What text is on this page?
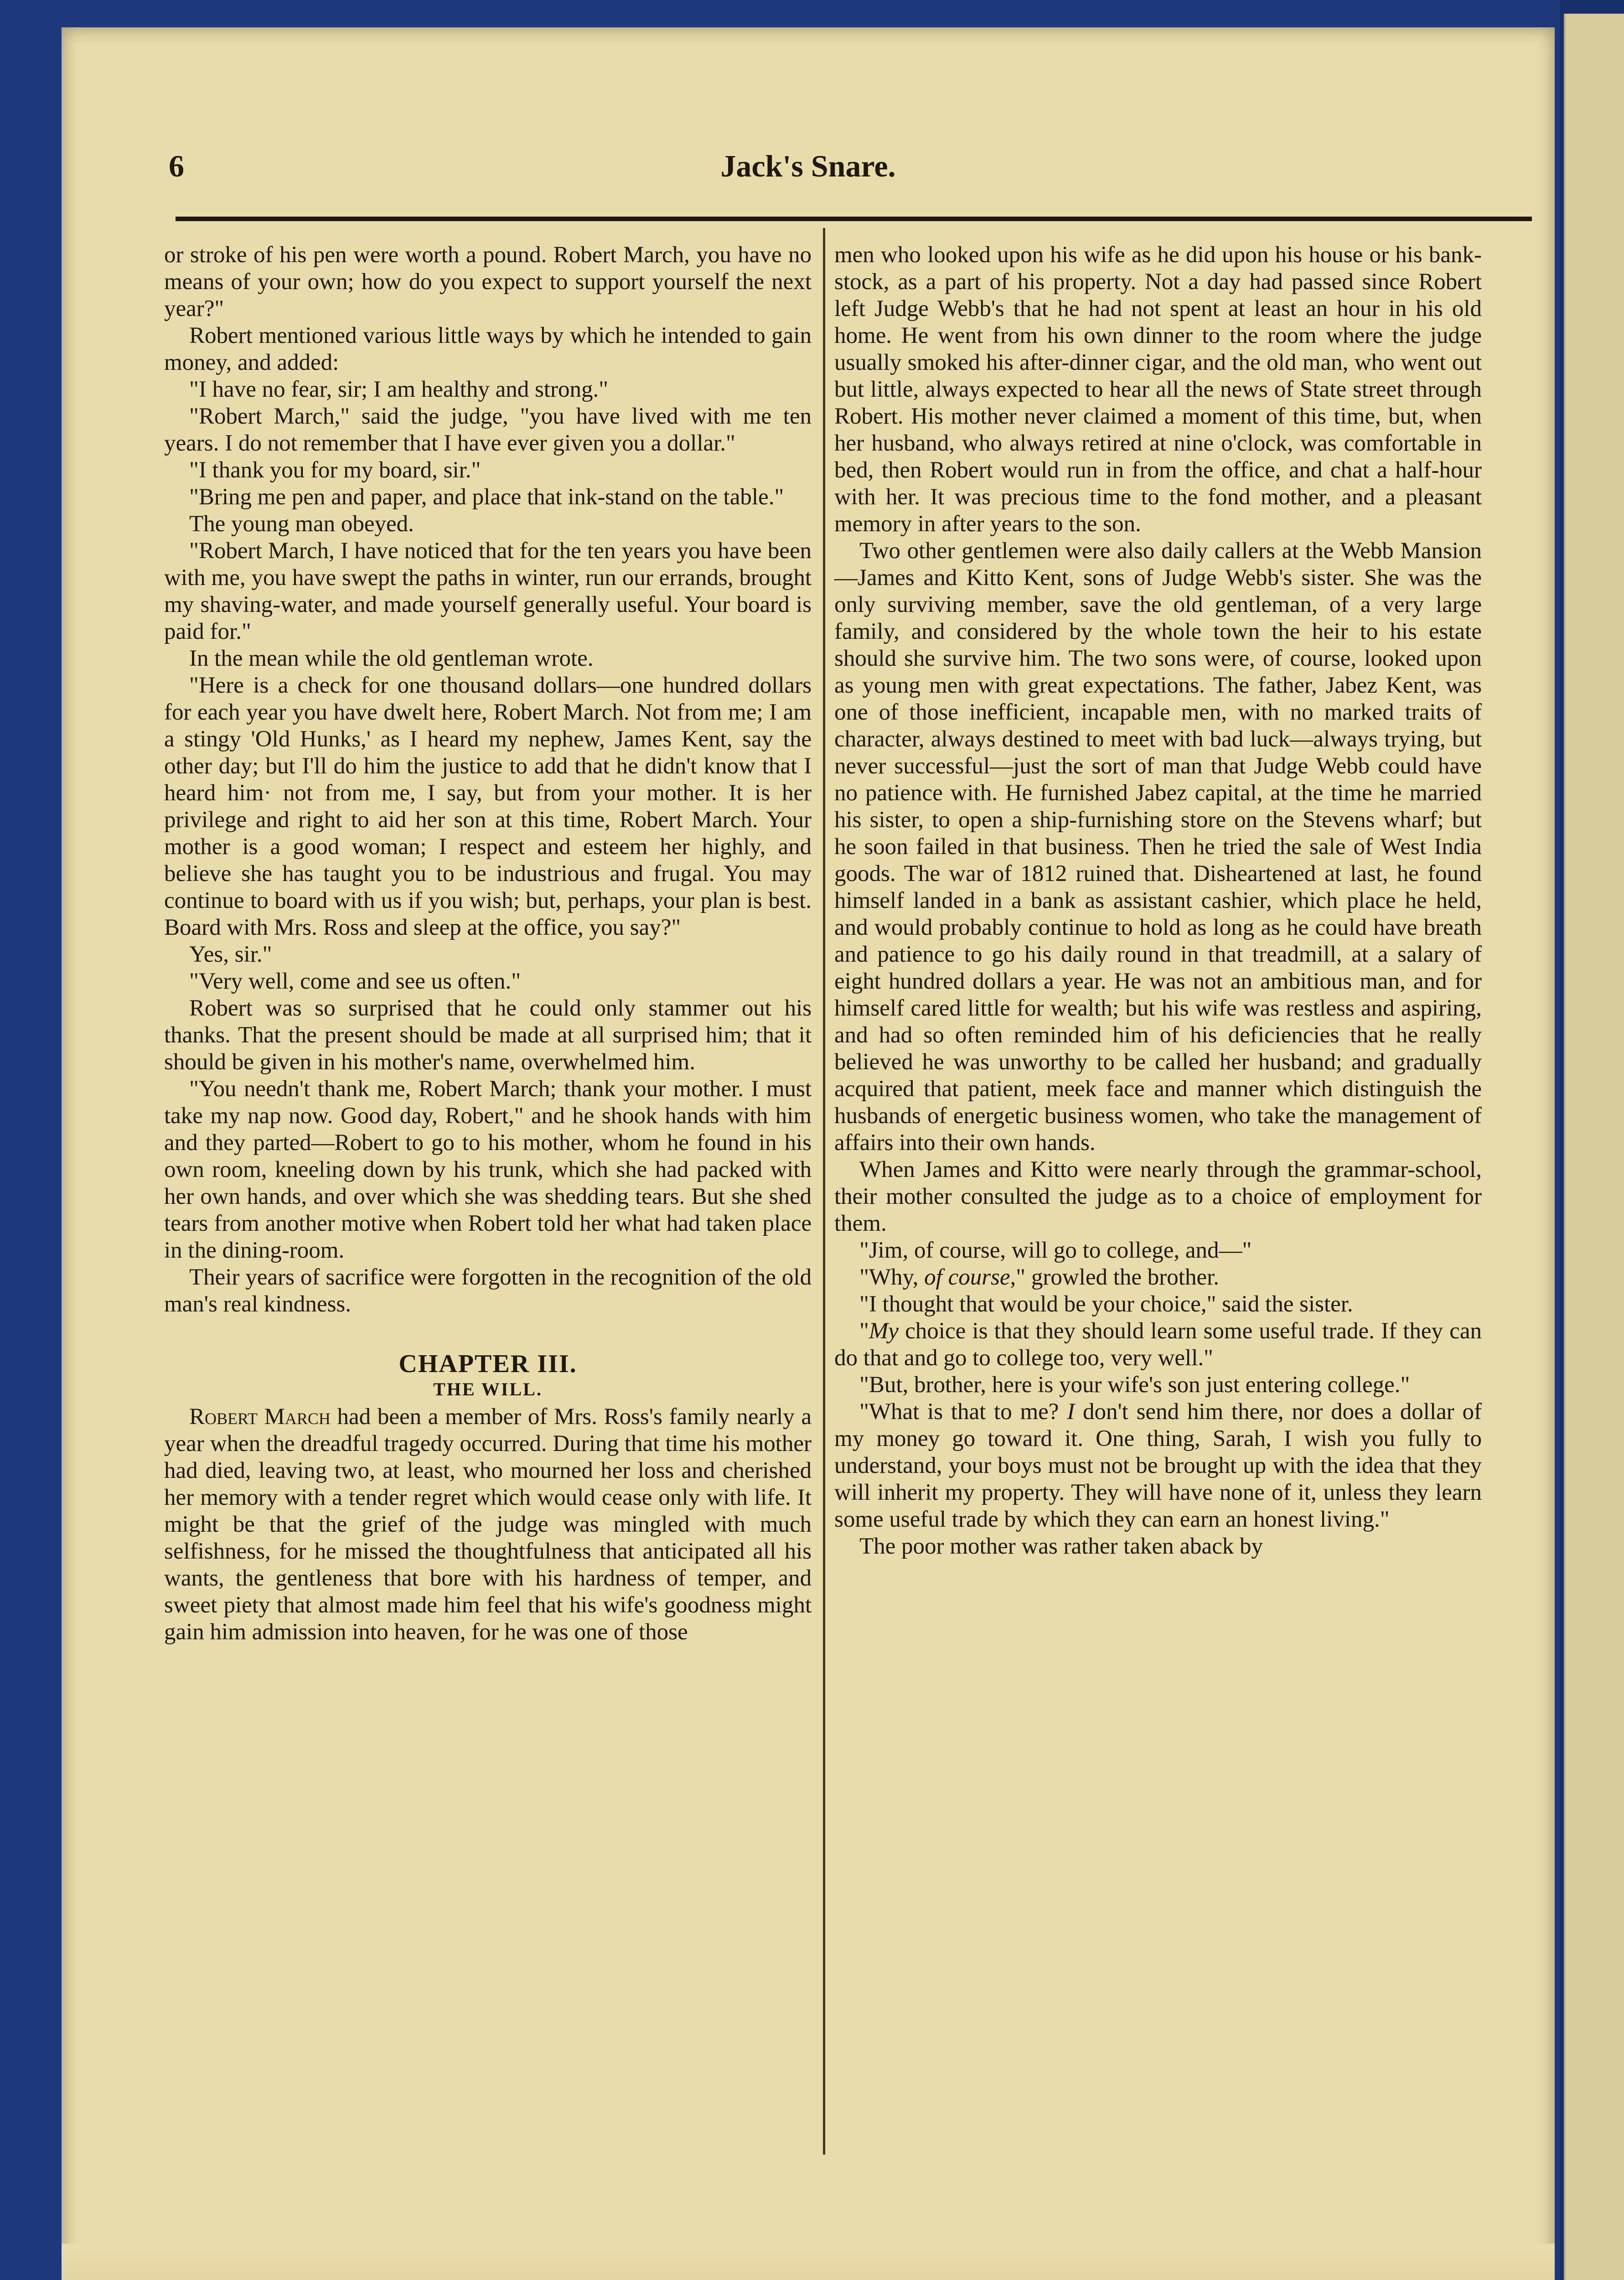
6	Jack's Snare.

or stroke of his pen were worth a pound. Robert March, you have no means of your own; how do you expect to support yourself the next year?"

Robert mentioned various little ways by which he intended to gain money, and added:

"I have no fear, sir; I am healthy and strong."

"Robert March," said the judge, "you have lived with me ten years. I do not remember that I have ever given you a dollar."

"I thank you for my board, sir."

"Bring me pen and paper, and place that ink-stand on the table."

The young man obeyed.

"Robert March, I have noticed that for the ten years you have been with me, you have swept the paths in winter, run our errands, brought my shaving-water, and made yourself generally useful. Your board is paid for."

In the mean while the old gentleman wrote.

"Here is a check for one thousand dollars—one hundred dollars for each year you have dwelt here, Robert March. Not from me; I am a stingy 'Old Hunks,' as I heard my nephew, James Kent, say the other day; but I'll do him the justice to add that he didn't know that I heard him· not from me, I say, but from your mother. It is her privilege and right to aid her son at this time, Robert March. Your mother is a good woman; I respect and esteem her highly, and believe she has taught you to be industrious and frugal. You may continue to board with us if you wish; but, perhaps, your plan is best. Board with Mrs. Ross and sleep at the office, you say?"

Yes, sir."

"Very well, come and see us often."

Robert was so surprised that he could only stammer out his thanks. That the present should be made at all surprised him; that it should be given in his mother's name, overwhelmed him.

"You needn't thank me, Robert March; thank your mother. I must take my nap now. Good day, Robert," and he shook hands with him and they parted—Robert to go to his mother, whom he found in his own room, kneeling down by his trunk, which she had packed with her own hands, and over which she was shedding tears. But she shed tears from another motive when Robert told her what had taken place in the dining-room.

Their years of sacrifice were forgotten in the recognition of the old man's real kindness.

CHAPTER III.
THE WILL.

Robert March had been a member of Mrs. Ross's family nearly a year when the dreadful tragedy occurred. During that time his mother had died, leaving two, at least, who mourned her loss and cherished her memory with a tender regret which would cease only with life. It might be that the grief of the judge was mingled with much selfishness, for he missed the thoughtfulness that anticipated all his wants, the gentleness that bore with his hardness of temper, and sweet piety that almost made him feel that his wife's goodness might gain him admission into heaven, for he was one of those

men who looked upon his wife as he did upon his house or his bank-stock, as a part of his property. Not a day had passed since Robert left Judge Webb's that he had not spent at least an hour in his old home. He went from his own dinner to the room where the judge usually smoked his after-dinner cigar, and the old man, who went out but little, always expected to hear all the news of State street through Robert. His mother never claimed a moment of this time, but, when her husband, who always retired at nine o'clock, was comfortable in bed, then Robert would run in from the office, and chat a half-hour with her. It was precious time to the fond mother, and a pleasant memory in after years to the son.

Two other gentlemen were also daily callers at the Webb Mansion—James and Kitto Kent, sons of Judge Webb's sister. She was the only surviving member, save the old gentleman, of a very large family, and considered by the whole town the heir to his estate should she survive him. The two sons were, of course, looked upon as young men with great expectations. The father, Jabez Kent, was one of those inefficient, incapable men, with no marked traits of character, always destined to meet with bad luck—always trying, but never successful—just the sort of man that Judge Webb could have no patience with. He furnished Jabez capital, at the time he married his sister, to open a ship-furnishing store on the Stevens wharf; but he soon failed in that business. Then he tried the sale of West India goods. The war of 1812 ruined that. Disheartened at last, he found himself landed in a bank as assistant cashier, which place he held, and would probably continue to hold as long as he could have breath and patience to go his daily round in that treadmill, at a salary of eight hundred dollars a year. He was not an ambitious man, and for himself cared little for wealth; but his wife was restless and aspiring, and had so often reminded him of his deficiencies that he really believed he was unworthy to be called her husband; and gradually acquired that patient, meek face and manner which distinguish the husbands of energetic business women, who take the management of affairs into their own hands.

When James and Kitto were nearly through the grammar-school, their mother consulted the judge as to a choice of employment for them.

"Jim, of course, will go to college, and—"

"Why, of course," growled the brother.

"I thought that would be your choice," said the sister.

"My choice is that they should learn some useful trade. If they can do that and go to college too, very well."

"But, brother, here is your wife's son just entering college."

"What is that to me? I don't send him there, nor does a dollar of my money go toward it. One thing, Sarah, I wish you fully to understand, your boys must not be brought up with the idea that they will inherit my property. They will have none of it, unless they learn some useful trade by which they can earn an honest living."

The poor mother was rather taken aback by
